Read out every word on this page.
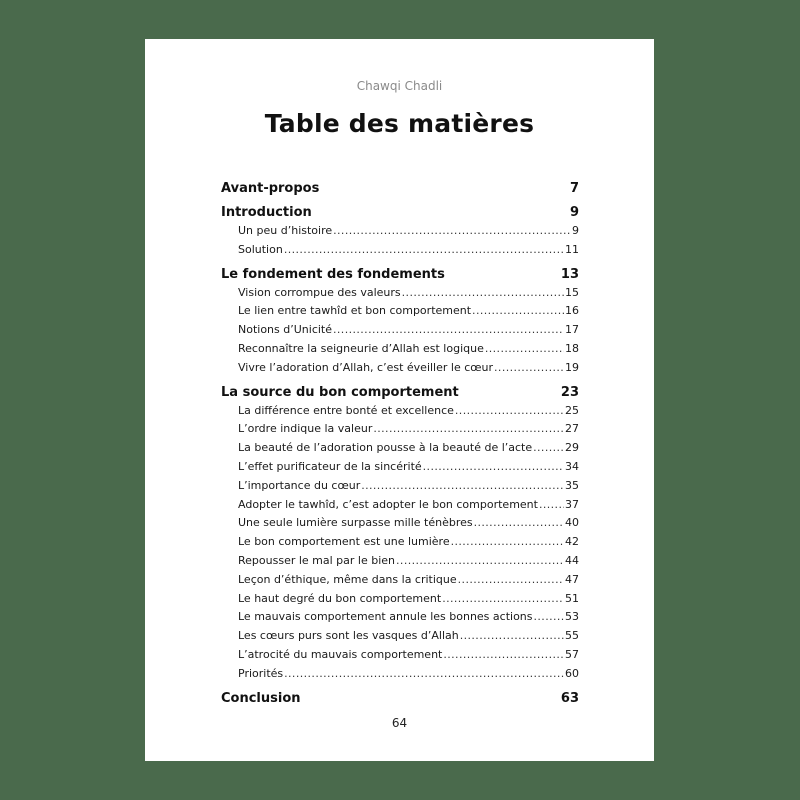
Chawqi Chadli

Table des matières
Avant-propos	7
Introduction	9
Un peu d’histoire .....	9
Solution .....	11
Le fondement des fondements	13
Vision corrompue des valeurs .....	15
Le lien entre tawhîd et bon comportement .....	16
Notions d’Unicité .....	17
Reconnaître la seigneurie d’Allah est logique .....	18
Vivre l’adoration d’Allah, c’est éveiller le cœur .....	19
La source du bon comportement	23
La différence entre bonté et excellence .....	25
L’ordre indique la valeur .....	27
La beauté de l’adoration pousse à la beauté de l’acte .....	29
L’effet purificateur de la sincérité .....	34
L’importance du cœur .....	35
Adopter le tawhîd, c’est adopter le bon comportement ..... 37
Une seule lumière surpasse mille ténèbres .....	40
Le bon comportement est une lumière .....	42
Repousser le mal par le bien .....	44
Leçon d’éthique, même dans la critique .....	47
Le haut degré du bon comportement .....	51
Le mauvais comportement annule les bonnes actions .....	53
Les cœurs purs sont les vasques d’Allah .....	55
L’atrocité du mauvais comportement .....	57
Priorités .....	60
Conclusion	63
64
